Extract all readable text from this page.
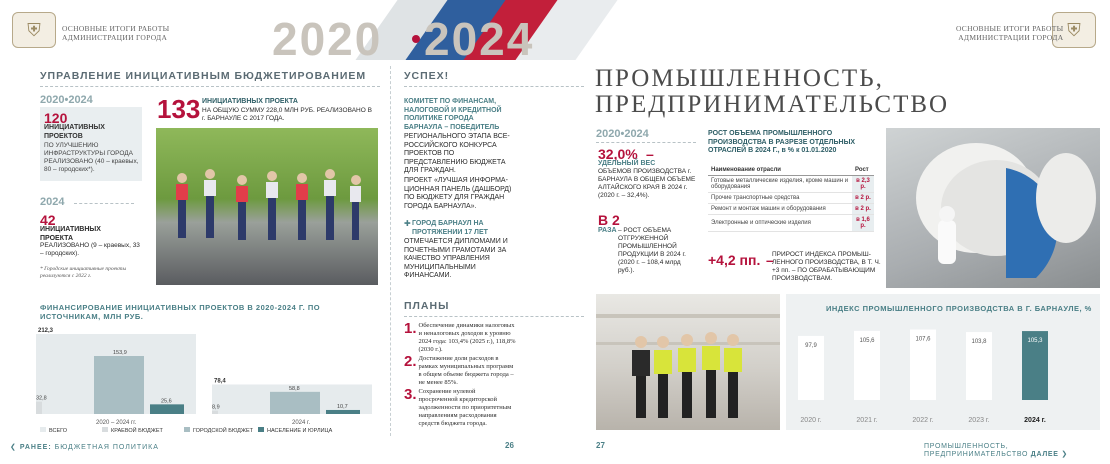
⛨	ОСНОВНЫЕ ИТОГИ РАБОТЫ
АДМИНИСТРАЦИИ ГОРОДА	⛨
ОСНОВНЫЕ ИТОГИ РАБОТЫ
АДМИНИСТРАЦИИ ГОРОДА
2020 2024
УПРАВЛЕНИЕ ИНИЦИАТИВНЫМ БЮДЖЕТИРОВАНИЕМ
2020•2024
120
ИНИЦИАТИВНЫХ ПРОЕКТОВ
ПО УЛУЧШЕНИЮ ИНФРАСТРУКТУРЫ ГОРОДА РЕАЛИЗОВАНО (40 – краевых, 80 – городских*).
2024
42
ИНИЦИАТИВНЫХ ПРОЕКТА
РЕАЛИЗОВАНО (9 – краевых, 33 – городских).
* Городские инициативные проекты реализуются с 2022 г.
133 ИНИЦИАТИВНЫХ ПРОЕКТА
НА ОБЩУЮ СУММУ 228,0 МЛН РУБ. РЕАЛИЗОВАНО В г. БАРНАУЛЕ С 2017 ГОДА.
ФИНАНСИРОВАНИЕ ИНИЦИАТИВНЫХ ПРОЕКТОВ В 2020-2024 Г. ПО ИСТОЧНИКАМ, МЛН РУБ.
212,3
32,8
153,9
25,6
2020 – 2024 гг.
78,4
8,9
58,8
10,7
2024 г.
ВСЕГО	КРАЕВОЙ БЮДЖЕТ	ГОРОДСКОЙ БЮДЖЕТ	НАСЕЛЕНИЕ И ЮРЛИЦА
УСПЕХ!
КОМИТЕТ ПО ФИНАНСАМ, НАЛОГОВОЙ И КРЕДИТНОЙ ПОЛИТИКЕ ГОРОДА БАРНАУЛА – ПОБЕДИТЕЛЬ
РЕГИОНАЛЬНОГО ЭТАПА ВСЕ-РОССИЙСКОГО КОНКУРСА ПРОЕКТОВ ПО ПРЕДСТАВЛЕНИЮ БЮДЖЕТА ДЛЯ ГРАЖДАН.
ПРОЕКТ «ЛУЧШАЯ ИНФОРМА-ЦИОННАЯ ПАНЕЛЬ (ДАШБОРД) ПО БЮДЖЕТУ ДЛЯ ГРАЖДАН ГОРОДА БАРНАУЛА».
✚ ГОРОД БАРНАУЛ НА ПРОТЯЖЕНИИ 17 ЛЕТ
ОТМЕЧАЕТСЯ ДИПЛОМАМИ И ПОЧЕТНЫМИ ГРАМОТАМИ ЗА КАЧЕСТВО УПРАВЛЕНИЯ МУНИЦИПАЛЬНЫМИ ФИНАНСАМИ.
ПЛАНЫ
1. Обеспечение динамики налоговых и неналоговых доходов к уровню 2024 года: 103,4% (2025 г.), 118,8% (2030 г.).
2. Достижение доли расходов в рамках муниципальных программ в общем объеме бюджета города – не менее 85%.
3. Сохранение нулевой просроченной кредиторской задолженности по приоритетным направлениям расходования средств бюджета города.
ПРОМЫШЛЕННОСТЬ,
ПРЕДПРИНИМАТЕЛЬСТВО
2020•2024
32,0% –
УДЕЛЬНЫЙ ВЕС
ОБЪЕМОВ ПРОИЗВОДСТВА г. БАРНАУЛА В ОБЩЕМ ОБЪЕМЕ АЛТАЙСКОГО КРАЯ В 2024 г. (2020 г. – 32,4%).
В 2
РАЗА – РОСТ ОБЪЕМА ОТГРУЖЕННОЙ ПРОМЫШЛЕННОЙ ПРОДУКЦИИ В 2024 г. (2020 г. – 108,4 млрд руб.).
РОСТ ОБЪЕМА ПРОМЫШЛЕННОГО ПРОИЗВОДСТВА В РАЗРЕЗЕ ОТДЕЛЬНЫХ ОТРАСЛЕЙ В 2024 Г., в % к 01.01.2020
Наименование отрасли	Рост
Готовые металлические изделия, кроме машин и оборудования	в 2,3 р.
Прочие транспортные средства	в 2 р.
Ремонт и монтаж машин и оборудования	в 2 р.
Электронные и оптические изделия	в 1,6 р.
+4,2 пп. –
ПРИРОСТ ИНДЕКСА ПРОМЫШ-ЛЕННОГО ПРОИЗВОДСТВА, В Т. Ч. +3 пп. – ПО ОБРАБАТЫВАЮЩИМ ПРОИЗВОДСТВАМ.
ИНДЕКС ПРОМЫШЛЕННОГО ПРОИЗВОДСТВА В Г. БАРНАУЛЕ, %
97,9
2020 г.
105,6
2021 г.
107,6
2022 г.
103,8
2023 г.
105,3
2024 г.
❮ РАНЕЕ: БЮДЖЕТНАЯ ПОЛИТИКА	26	27	ПРОМЫШЛЕННОСТЬ, ПРЕДПРИНИМАТЕЛЬСТВО ДАЛЕЕ ❯
